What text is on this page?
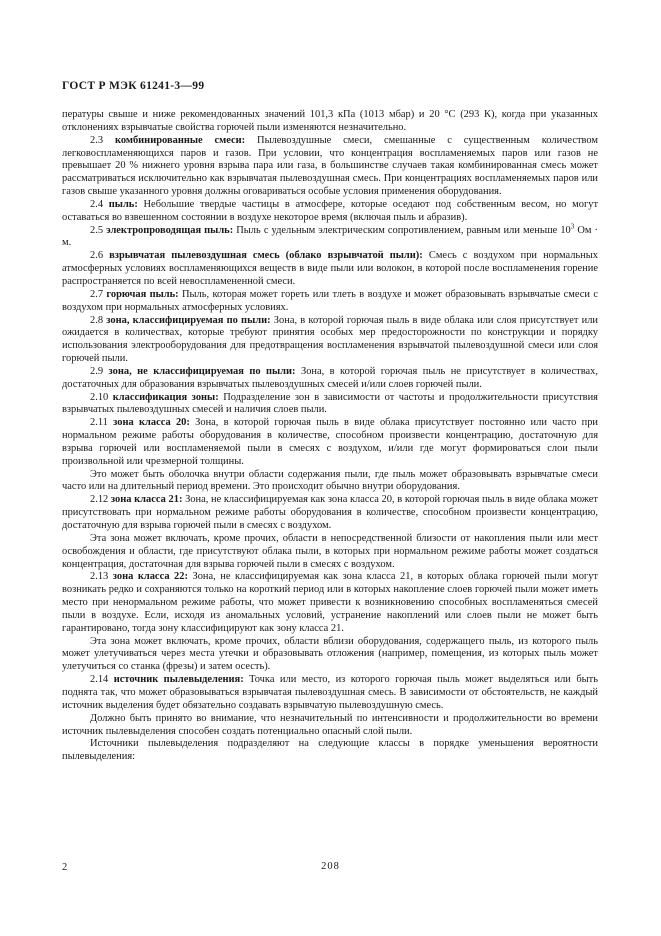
ГОСТ Р МЭК 61241-3—99

пературы свыше и ниже рекомендованных значений 101,3 кПа (1013 мбар) и 20 °С (293 К), когда при указанных отклонениях взрывчатые свойства горючей пыли изменяются незначительно.

2.3 комбинированные смеси: Пылевоздушные смеси, смешанные с существенным количеством легковоспламеняющихся паров и газов. При условии, что концентрация воспламеняемых паров или газов не превышает 20 % нижнего уровня взрыва пара или газа, в большинстве случаев такая комбинированная смесь может рассматриваться исключительно как взрывчатая пылевоздушная смесь. При концентрациях воспламеняемых паров или газов свыше указанного уровня должны оговариваться особые условия применения оборудования.

2.4 пыль: Небольшие твердые частицы в атмосфере, которые оседают под собственным весом, но могут оставаться во взвешенном состоянии в воздухе некоторое время (включая пыль и абразив).

2.5 электропроводящая пыль: Пыль с удельным электрическим сопротивлением, равным или меньше $10^3$ Ом · м.

2.6 взрывчатая пылевоздушная смесь (облако взрывчатой пыли): Смесь с воздухом при нормальных атмосферных условиях воспламеняющихся веществ в виде пыли или волокон, в которой после воспламенения горение распространяется по всей невоспламененной смеси.

2.7 горючая пыль: Пыль, которая может гореть или тлеть в воздухе и может образовывать взрывчатые смеси с воздухом при нормальных атмосферных условиях.

2.8 зона, классифицируемая по пыли: Зона, в которой горючая пыль в виде облака или слоя присутствует или ожидается в количествах, которые требуют принятия особых мер предосторожности по конструкции и порядку использования электрооборудования для предотвращения воспламенения взрывчатой пылевоздушной смеси или слоя горючей пыли.

2.9 зона, не классифицируемая по пыли: Зона, в которой горючая пыль не присутствует в количествах, достаточных для образования взрывчатых пылевоздушных смесей и/или слоев горючей пыли.

2.10 классификация зоны: Подразделение зон в зависимости от частоты и продолжительности присутствия взрывчатых пылевоздушных смесей и наличия слоев пыли.

2.11 зона класса 20: Зона, в которой горючая пыль в виде облака присутствует постоянно или часто при нормальном режиме работы оборудования в количестве, способном произвести концентрацию, достаточную для взрыва горючей или воспламеняемой пыли в смесях с воздухом, и/или где могут формироваться слои пыли произвольной или чрезмерной толщины.

Это может быть оболочка внутри области содержания пыли, где пыль может образовывать взрывчатые смеси часто или на длительный период времени. Это происходит обычно внутри оборудования.

2.12 зона класса 21: Зона, не классифицируемая как зона класса 20, в которой горючая пыль в виде облака может присутствовать при нормальном режиме работы оборудования в количестве, способном произвести концентрацию, достаточную для взрыва горючей пыли в смесях с воздухом.

Эта зона может включать, кроме прочих, области в непосредственной близости от накопления пыли или мест освобождения и области, где присутствуют облака пыли, в которых при нормальном режиме работы может создаться концентрация, достаточная для взрыва горючей пыли в смесях с воздухом.

2.13 зона класса 22: Зона, не классифицируемая как зона класса 21, в которых облака горючей пыли могут возникать редко и сохраняются только на короткий период или в которых накопление слоев горючей пыли может иметь место при ненормальном режиме работы, что может привести к возникновению способных воспламеняться смесей пыли в воздухе. Если, исходя из аномальных условий, устранение накоплений или слоев пыли не может быть гарантировано, тогда зону классифицируют как зону класса 21.

Эта зона может включать, кроме прочих, области вблизи оборудования, содержащего пыль, из которого пыль может улетучиваться через места утечки и образовывать отложения (например, помещения, из которых пыль может улетучиться со станка (фрезы) и затем осесть).

2.14 источник пылевыделения: Точка или место, из которого горючая пыль может выделяться или быть поднята так, что может образовываться взрывчатая пылевоздушная смесь. В зависимости от обстоятельств, не каждый источник выделения будет обязательно создавать взрывчатую пылевоздушную смесь.

Должно быть принято во внимание, что незначительный по интенсивности и продолжительности во времени источник пылевыделения способен создать потенциально опасный слой пыли.

Источники пылевыделения подразделяют на следующие классы в порядке уменьшения вероятности пылевыделения:

2	208
